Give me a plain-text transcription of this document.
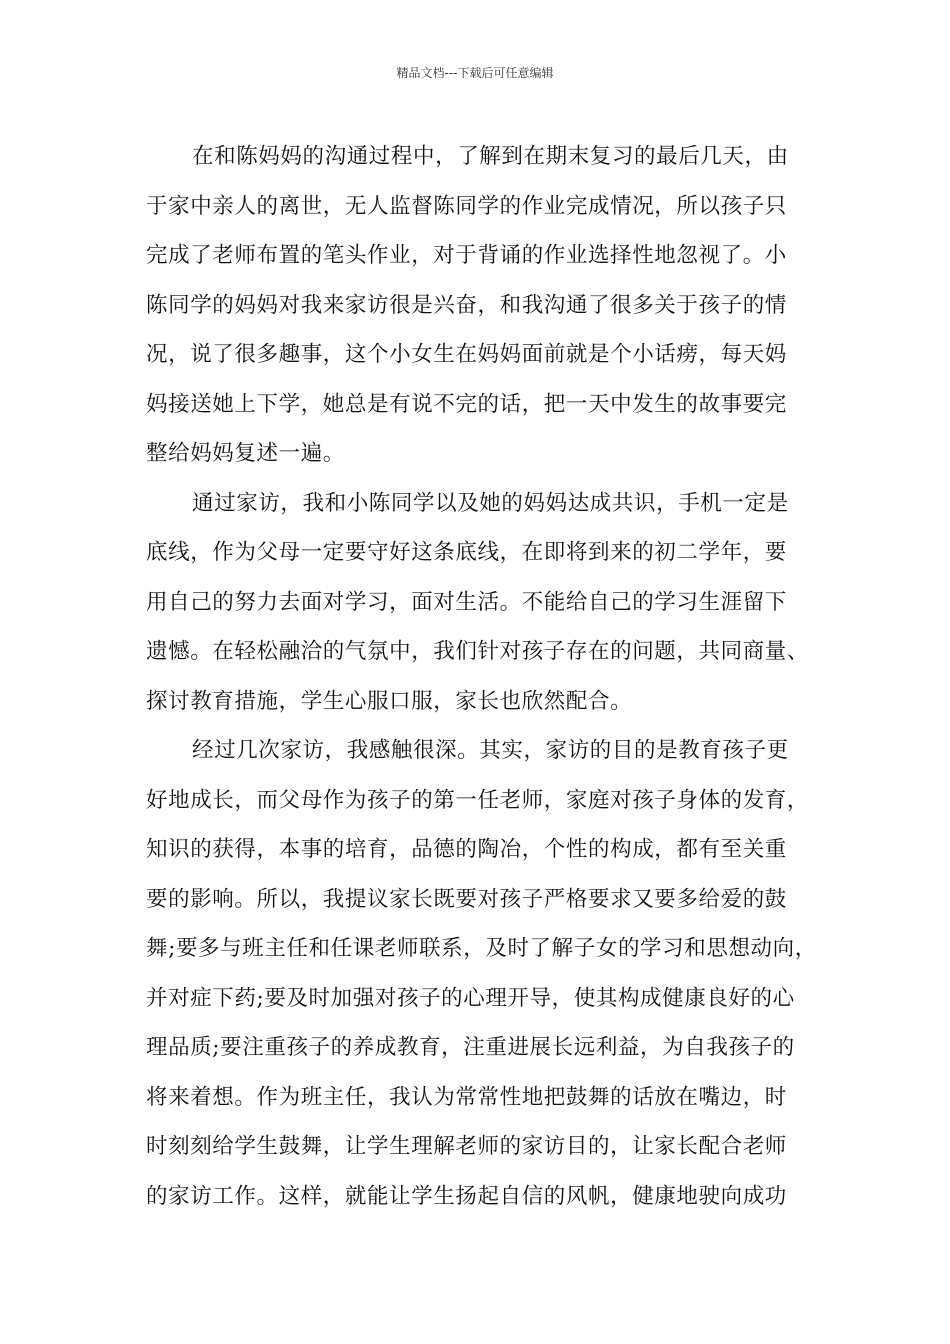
精品文档---下载后可任意编辑
在和陈妈妈的沟通过程中，了解到在期末复习的最后几天，由
于家中亲人的离世，无人监督陈同学的作业完成情况，所以孩子只
完成了老师布置的笔头作业，对于背诵的作业选择性地忽视了。小
陈同学的妈妈对我来家访很是兴奋，和我沟通了很多关于孩子的情
况，说了很多趣事，这个小女生在妈妈面前就是个小话痨，每天妈
妈接送她上下学，她总是有说不完的话，把一天中发生的故事要完
整给妈妈复述一遍。
通过家访，我和小陈同学以及她的妈妈达成共识，手机一定是
底线，作为父母一定要守好这条底线，在即将到来的初二学年，要
用自己的努力去面对学习，面对生活。不能给自己的学习生涯留下
遗憾。在轻松融洽的气氛中，我们针对孩子存在的问题，共同商量、
探讨教育措施，学生心服口服，家长也欣然配合。
经过几次家访，我感触很深。其实，家访的目的是教育孩子更
好地成长，而父母作为孩子的第一任老师，家庭对孩子身体的发育，
知识的获得，本事的培育，品德的陶冶，个性的构成，都有至关重
要的影响。所以，我提议家长既要对孩子严格要求又要多给爱的鼓
舞;要多与班主任和任课老师联系，及时了解子女的学习和思想动向，
并对症下药;要及时加强对孩子的心理开导，使其构成健康良好的心
理品质;要注重孩子的养成教育，注重进展长远利益，为自我孩子的
将来着想。作为班主任，我认为常常性地把鼓舞的话放在嘴边，时
时刻刻给学生鼓舞，让学生理解老师的家访目的，让家长配合老师
的家访工作。这样，就能让学生扬起自信的风帆，健康地驶向成功
